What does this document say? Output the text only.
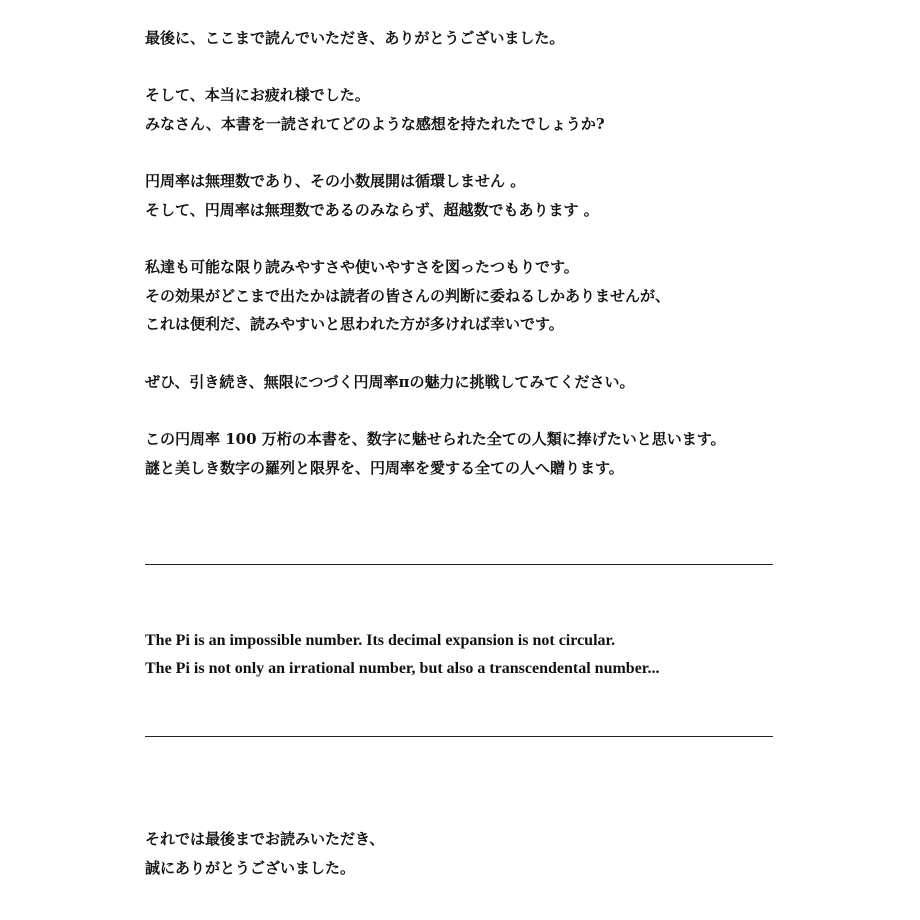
最後に、ここまで読んでいただき、ありがとうございました。
そして、本当にお疲れ様でした。
みなさん、本書を一読されてどのような感想を持たれたでしょうか?
円周率は無理数であり、その小数展開は循環しません 。
そして、円周率は無理数であるのみならず、超越数でもあります 。
私達も可能な限り読みやすさや使いやすさを図ったつもりです。
その効果がどこまで出たかは読者の皆さんの判断に委ねるしかありませんが、
これは便利だ、読みやすいと思われた方が多ければ幸いです。
ぜひ、引き続き、無限につづく円周率πの魅力に挑戦してみてください。
この円周率 100 万桁の本書を、数字に魅せられた全ての人類に捧げたいと思います。
謎と美しき数字の羅列と限界を、円周率を愛する全ての人へ贈ります。
The Pi is an impossible number. Its decimal expansion is not circular.
The Pi is not only an irrational number, but also a transcendental number...
それでは最後までお読みいただき、
誠にありがとうございました。
